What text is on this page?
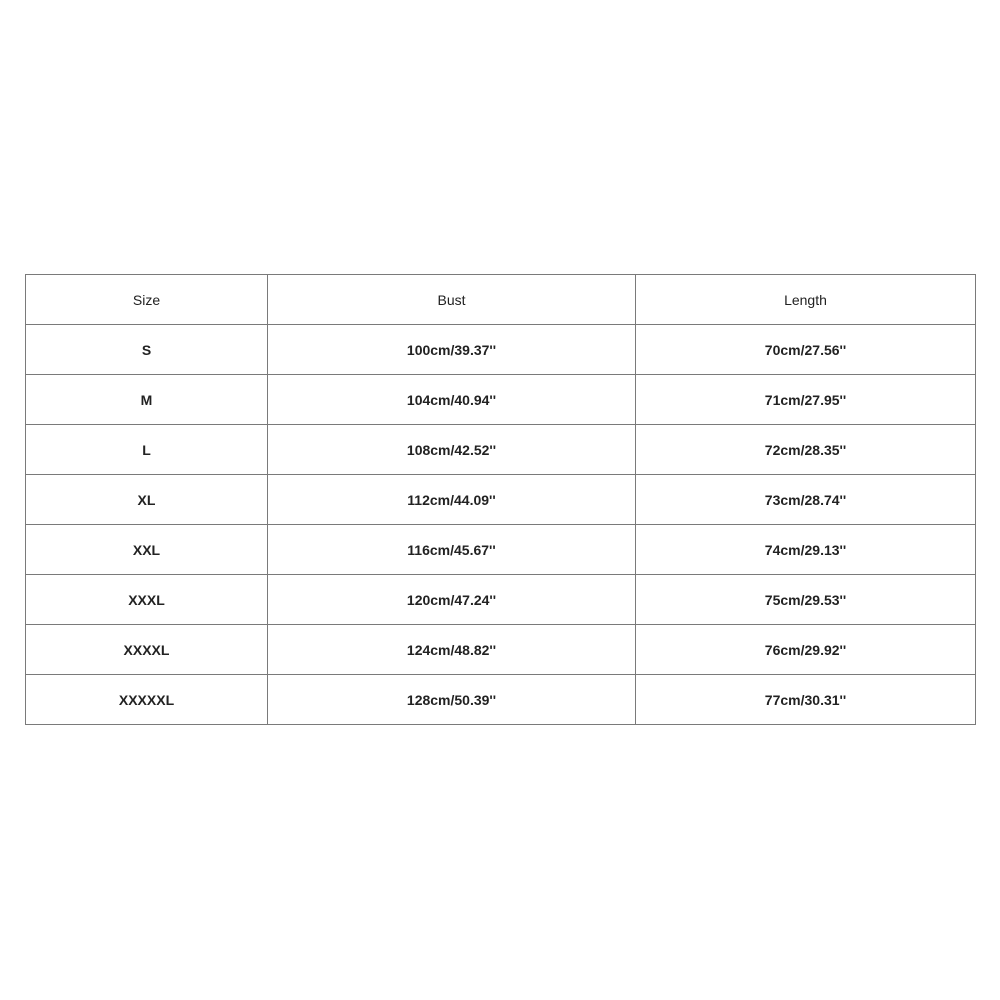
Size	Bust	Length
S	100cm/39.37''	70cm/27.56''
M	104cm/40.94''	71cm/27.95''
L	108cm/42.52''	72cm/28.35''
XL	112cm/44.09''	73cm/28.74''
XXL	116cm/45.67''	74cm/29.13''
XXXL	120cm/47.24''	75cm/29.53''
XXXXL	124cm/48.82''	76cm/29.92''
XXXXXL	128cm/50.39''	77cm/30.31''
